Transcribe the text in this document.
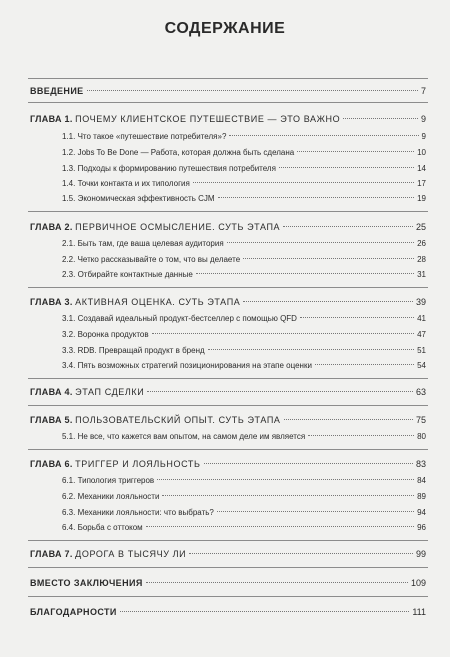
СОДЕРЖАНИЕ
ВВЕДЕНИЕ	7
ГЛАВА 1. ПОЧЕМУ КЛИЕНТСКОЕ ПУТЕШЕСТВИЕ — ЭТО ВАЖНО	9
1.1. Что такое «путешествие потребителя»?	9
1.2. Jobs To Be Done — Работа, которая должна быть сделана	10
1.3. Подходы к формированию путешествия потребителя	14
1.4. Точки контакта и их типология	17
1.5. Экономическая эффективность CJM	19
ГЛАВА 2. ПЕРВИЧНОЕ ОСМЫСЛЕНИЕ. СУТЬ ЭТАПА	25
2.1. Быть там, где ваша целевая аудитория	26
2.2. Четко рассказывайте о том, что вы делаете	28
2.3. Отбирайте контактные данные	31
ГЛАВА 3. АКТИВНАЯ ОЦЕНКА. СУТЬ ЭТАПА	39
3.1. Создавай идеальный продукт-бестселлер с помощью QFD	41
3.2. Воронка продуктов	47
3.3. RDB. Превращай продукт в бренд	51
3.4. Пять возможных стратегий позиционирования на этапе оценки	54
ГЛАВА 4. ЭТАП СДЕЛКИ	63
ГЛАВА 5. ПОЛЬЗОВАТЕЛЬСКИЙ ОПЫТ. СУТЬ ЭТАПА	75
5.1. Не все, что кажется вам опытом, на самом деле им является	80
ГЛАВА 6. ТРИГГЕР И ЛОЯЛЬНОСТЬ	83
6.1. Типология триггеров	84
6.2. Механики лояльности	89
6.3. Механики лояльности: что выбрать?	94
6.4. Борьба с оттоком	96
ГЛАВА 7. ДОРОГА В ТЫСЯЧУ ЛИ	99
ВМЕСТО ЗАКЛЮЧЕНИЯ	109
БЛАГОДАРНОСТИ	111
